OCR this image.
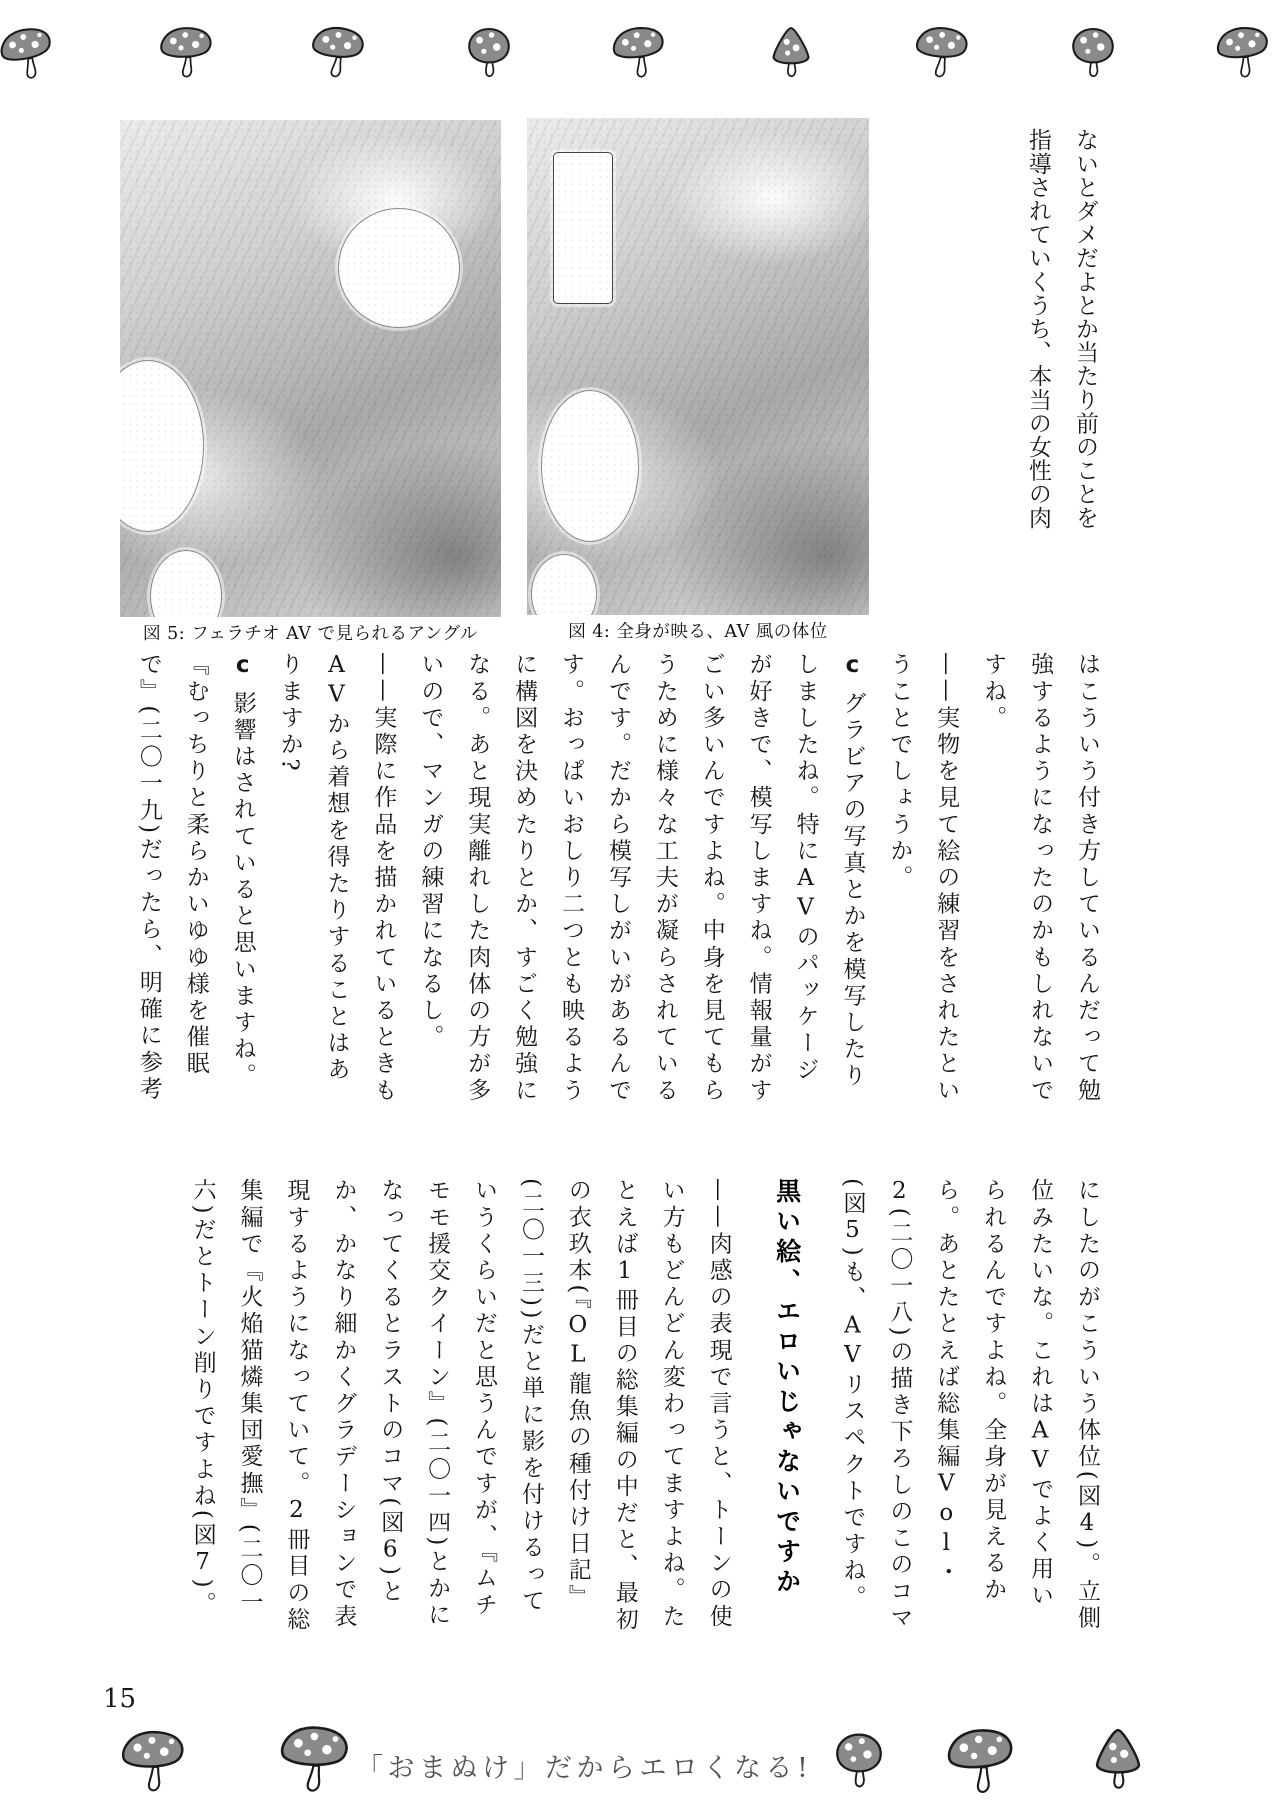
図 5: フェラチオ AV で見られるアングル	図 4: 全身が映る、AV 風の体位

ないとダメだよとか当たり前のことを指導されていくうち、本当の女性の肉

はこういう付き方しているんだって勉強するようになったのかもしれないですね。

——実物を見て絵の練習をされたということでしょうか。

cグラビアの写真とかを模写したりしましたね。特にAVのパッケージが好きで、模写しますね。情報量がすごい多いんですよね。中身を見てもらうために様々な工夫が凝らされているんです。だから模写しがいがあるんです。おっぱいおしり二つとも映るように構図を決めたりとか、すごく勉強になる。あと現実離れした肉体の方が多いので、マンガの練習になるし。

——実際に作品を描かれているときもAVから着想を得たりすることはありますか?

c影響はされていると思いますね。『むっちりと柔らかいゆゆ様を催眠で』(二〇一九)だったら、明確に参考

にしたのがこういう体位(図4)。立側位みたいな。これはAVでよく用いられるんですよね。全身が見えるから。あとたとえば総集編Vol・2(二〇一八)の描き下ろしのこのコマ(図5)も、AVリスペクトですね。

黒い絵、エロいじゃないですか

——肉感の表現で言うと、トーンの使い方もどんどん変わってますよね。たとえば1冊目の総集編の中だと、最初の衣玖本(『OL龍魚の種付け日記』(二〇一三))だと単に影を付けるっていうくらいだと思うんですが、『ムチモモ援交クイーン』(二〇一四)とかになってくるとラストのコマ(図6)とか、かなり細かくグラデーションで表現するようになっていて。2冊目の総集編で『火焔猫燐集団愛撫』(二〇一六)だとトーン削りですよね(図7)。

15
「おまぬけ」だからエロくなる!
